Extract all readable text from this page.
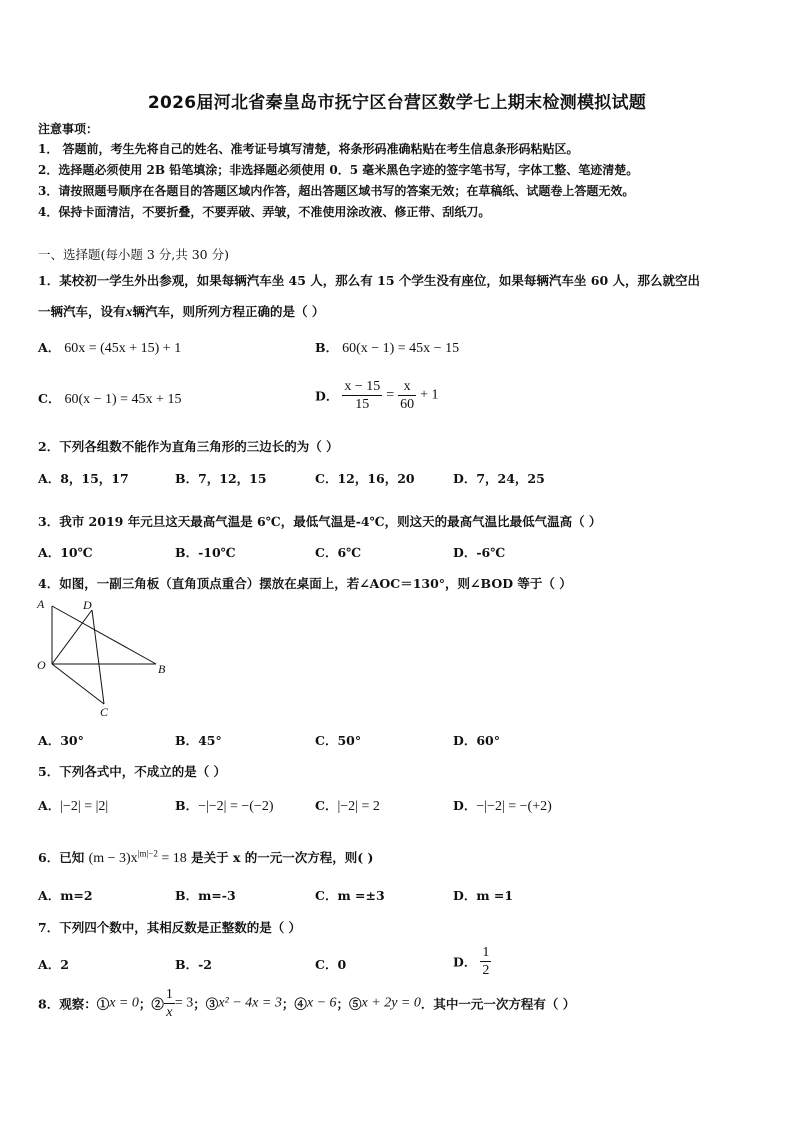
2026届河北省秦皇岛市抚宁区台营区数学七上期末检测模拟试题
注意事项：
1． 答题前，考生先将自己的姓名、准考证号填写清楚，将条形码准确粘贴在考生信息条形码粘贴区。
2．选择题必须使用 2B 铅笔填涂；非选择题必须使用 0．5 毫米黑色字迹的签字笔书写，字体工整、笔迹清楚。
3．请按照题号顺序在各题目的答题区域内作答，超出答题区域书写的答案无效；在草稿纸、试题卷上答题无效。
4．保持卡面清洁，不要折叠，不要弄破、弄皱，不准使用涂改液、修正带、刮纸刀。
一、选择题(每小题 3 分,共 30 分)
1．某校初一学生外出参观，如果每辆汽车坐 45 人，那么有 15 个学生没有座位，如果每辆汽车坐 60 人，那么就空出
一辆汽车，设有x辆汽车，则所列方程正确的是（ ）
A． 60x = (45x + 15) + 1	B． 60(x − 1) = 45x − 15
C． 60(x − 1) = 45x + 15	D． $\frac{x - 15}{15} = \frac{x}{60} + 1$
2．下列各组数不能作为直角三角形的三边长的为（ ）
A．8，15，17	B．7，12，15	C．12，16，20	D．7，24，25
3．我市 2019 年元旦这天最高气温是 6℃，最低气温是-4℃，则这天的最高气温比最低气温高（ ）
A．10℃	B．-10℃	C．6℃	D．-6℃
4．如图，一副三角板（直角顶点重合）摆放在桌面上，若∠AOC＝130°，则∠BOD 等于（ ）
A	D
O	B
C
A．30°	B．45°	C．50°	D．60°
5．下列各式中，不成立的是（ ）
A．|−2| = |2|	B．−|−2| = −(−2)	C．|−2| = 2	D．−|−2| = −(+2)
6．已知 $(m - 3)x^{|m|-2} = 18$ 是关于 x 的一元一次方程，则( )
A．m=2	B．m=-3	C．m =±3	D．m =1
7．下列四个数中，其相反数是正整数的是（ ）
A．2	B．-2	C．0	D． $\frac{1}{2}$
8．观察：①x = 0；② $\frac{1}{x} = 3$；③x² − 4x = 3；④x − 6；⑤x + 2y = 0．其中一元一次方程有（ ）
